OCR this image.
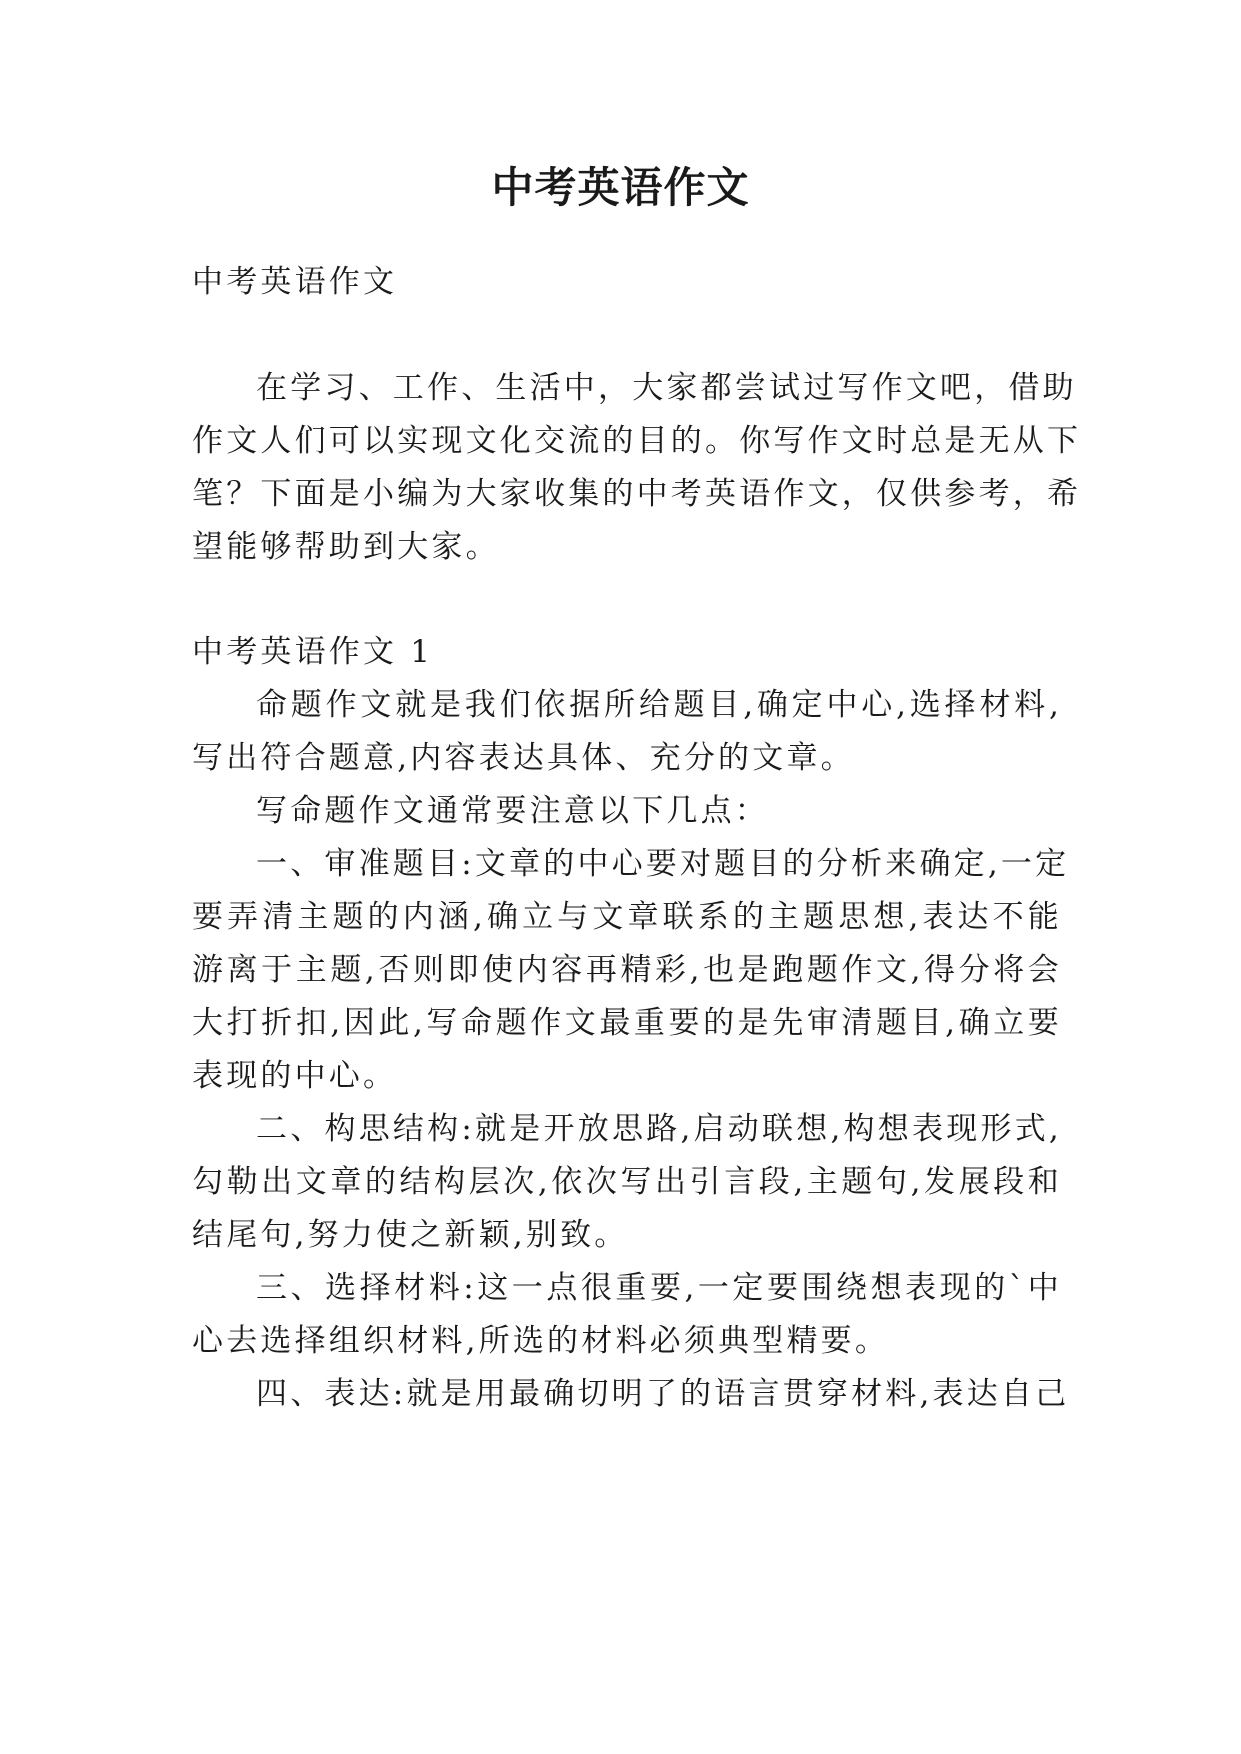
中考英语作文
中考英语作文
在学习、工作、生活中，大家都尝试过写作文吧，借助
作文人们可以实现文化交流的目的。你写作文时总是无从下
笔？下面是小编为大家收集的中考英语作文，仅供参考，希
望能够帮助到大家。
中考英语作文 1
命题作文就是我们依据所给题目,确定中心,选择材料,
写出符合题意,内容表达具体、充分的文章。
写命题作文通常要注意以下几点：
一、审准题目:文章的中心要对题目的分析来确定,一定
要弄清主题的内涵,确立与文章联系的主题思想,表达不能
游离于主题,否则即使内容再精彩,也是跑题作文,得分将会
大打折扣,因此,写命题作文最重要的是先审清题目,确立要
表现的中心。
二、构思结构:就是开放思路,启动联想,构想表现形式,
勾勒出文章的结构层次,依次写出引言段,主题句,发展段和
结尾句,努力使之新颖,别致。
三、选择材料:这一点很重要,一定要围绕想表现的`中
心去选择组织材料,所选的材料必须典型精要。
四、表达:就是用最确切明了的语言贯穿材料,表达自己
